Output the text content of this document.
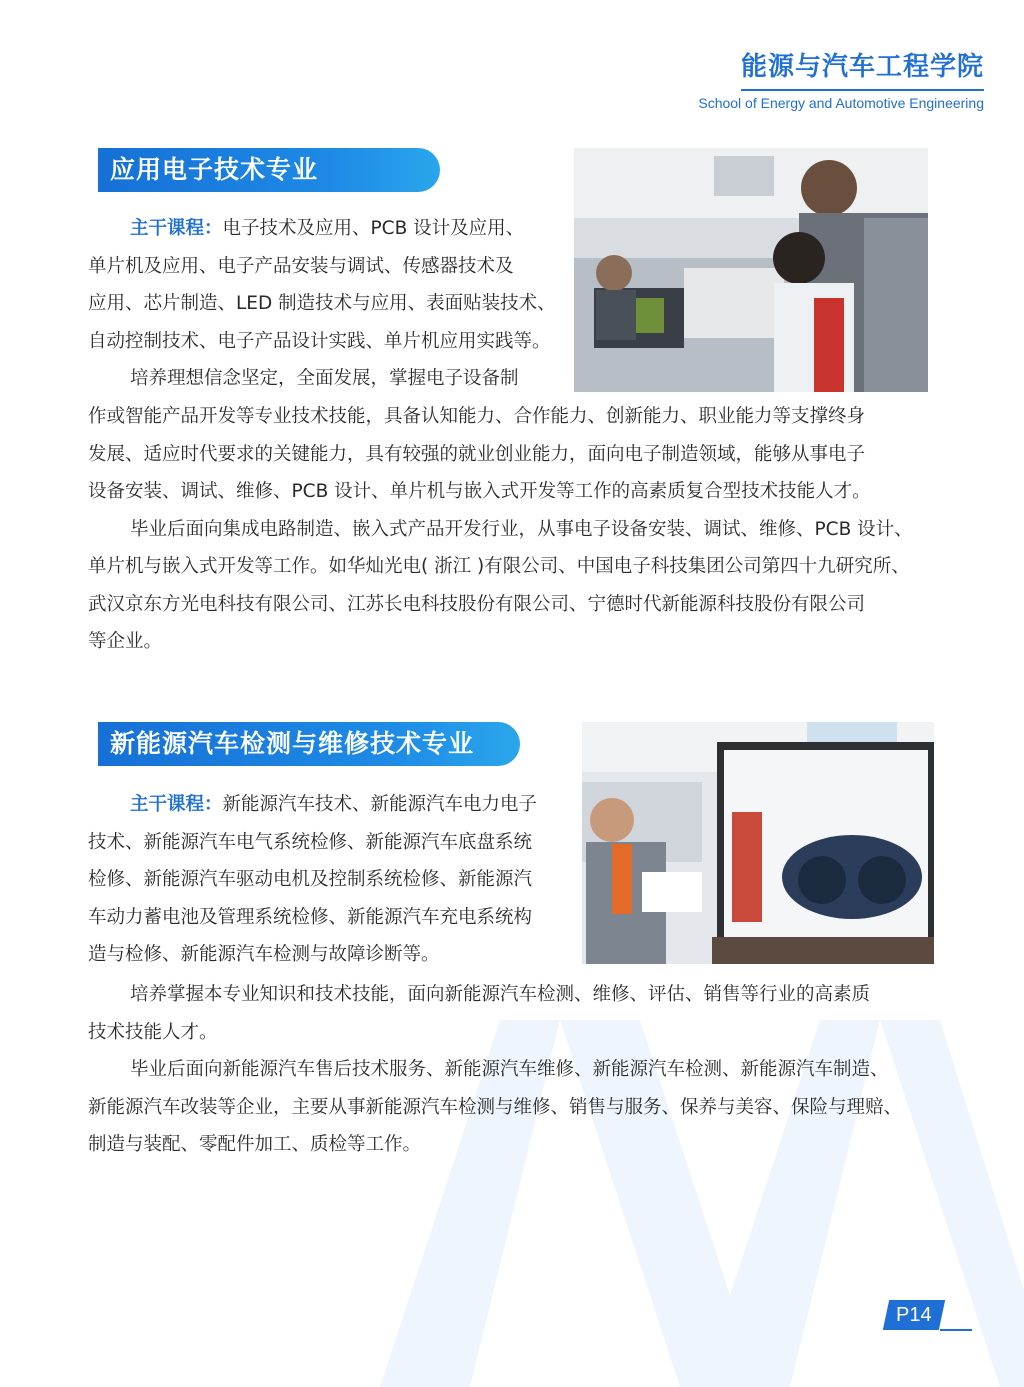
能源与汽车工程学院
School of Energy and Automotive Engineering
应用电子技术专业

主干课程：电子技术及应用、PCB 设计及应用、
单片机及应用、电子产品安装与调试、传感器技术及
应用、芯片制造、LED 制造技术与应用、表面贴装技术、
自动控制技术、电子产品设计实践、单片机应用实践等。
培养理想信念坚定，全面发展，掌握电子设备制

作或智能产品开发等专业技术技能，具备认知能力、合作能力、创新能力、职业能力等支撑终身
发展、适应时代要求的关键能力，具有较强的就业创业能力，面向电子制造领域，能够从事电子
设备安装、调试、维修、PCB 设计、单片机与嵌入式开发等工作的高素质复合型技术技能人才。
毕业后面向集成电路制造、嵌入式产品开发行业，从事电子设备安装、调试、维修、PCB 设计、
单片机与嵌入式开发等工作。如华灿光电( 浙江 )有限公司、中国电子科技集团公司第四十九研究所、
武汉京东方光电科技有限公司、江苏长电科技股份有限公司、宁德时代新能源科技股份有限公司
等企业。

新能源汽车检测与维修技术专业

主干课程：新能源汽车技术、新能源汽车电力电子
技术、新能源汽车电气系统检修、新能源汽车底盘系统
检修、新能源汽车驱动电机及控制系统检修、新能源汽
车动力蓄电池及管理系统检修、新能源汽车充电系统构
造与检修、新能源汽车检测与故障诊断等。

培养掌握本专业知识和技术技能，面向新能源汽车检测、维修、评估、销售等行业的高素质
技术技能人才。
毕业后面向新能源汽车售后技术服务、新能源汽车维修、新能源汽车检测、新能源汽车制造、
新能源汽车改装等企业，主要从事新能源汽车检测与维修、销售与服务、保养与美容、保险与理赔、
制造与装配、零配件加工、质检等工作。

P14
